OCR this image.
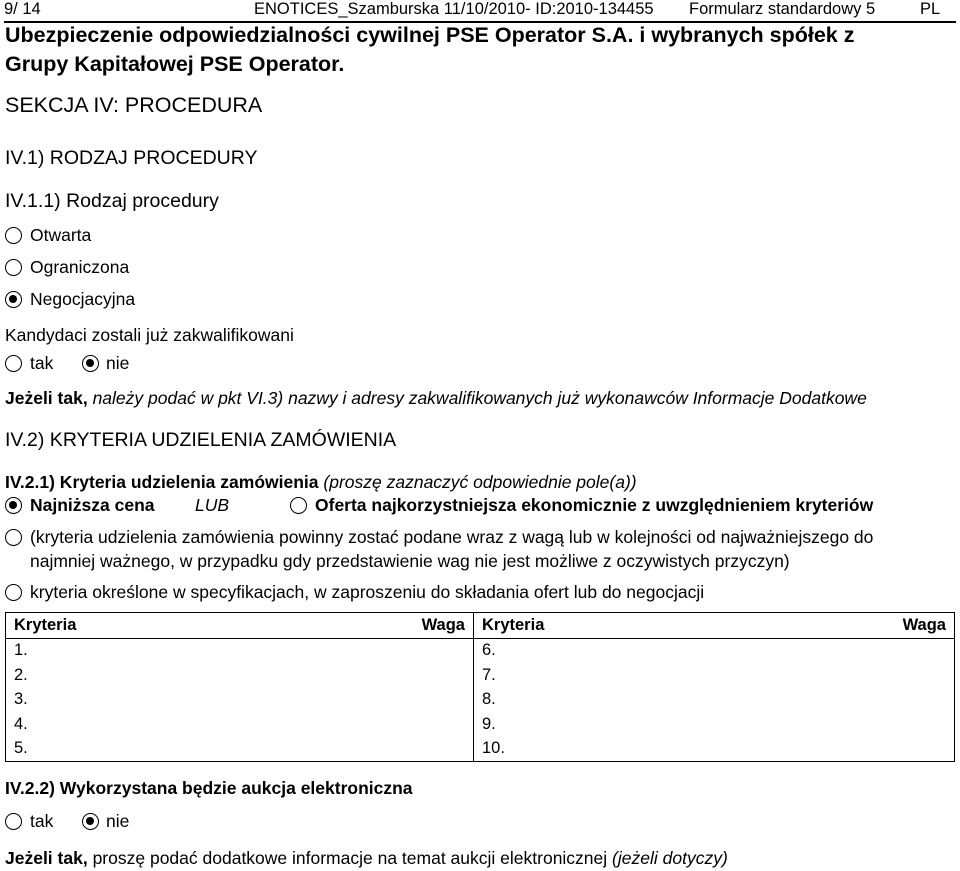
9/ 14	ENOTICES_Szamburska 11/10/2010- ID:2010-134455 Formularz standardowy 5	PL
Ubezpieczenie odpowiedzialności cywilnej PSE Operator S.A. i wybranych spółek z
Grupy Kapitałowej PSE Operator.
SEKCJA IV: PROCEDURA
IV.1) RODZAJ PROCEDURY
IV.1.1) Rodzaj procedury
Otwarta
Ograniczona
Negocjacyjna
Kandydaci zostali już zakwalifikowani
tak	nie
Jeżeli tak, należy podać w pkt VI.3) nazwy i adresy zakwalifikowanych już wykonawców Informacje Dodatkowe
IV.2) KRYTERIA UDZIELENIA ZAMÓWIENIA
IV.2.1) Kryteria udzielenia zamówienia (proszę zaznaczyć odpowiednie pole(a))
Najniższa cena LUB	Oferta najkorzystniejsza ekonomicznie z uwzględnieniem kryteriów
(kryteria udzielenia zamówienia powinny zostać podane wraz z wagą lub w kolejności od najważniejszego do
najmniej ważnego, w przypadku gdy przedstawienie wag nie jest możliwe z oczywistych przyczyn)
kryteria określone w specyfikacjach, w zaproszeniu do składania ofert lub do negocjacji
Kryteria	Waga	Kryteria	Waga
1.		6.	
2.		7.	
3.		8.	
4.		9.	
5.		10.	
IV.2.2) Wykorzystana będzie aukcja elektroniczna
tak	nie
Jeżeli tak, proszę podać dodatkowe informacje na temat aukcji elektronicznej (jeżeli dotyczy)
